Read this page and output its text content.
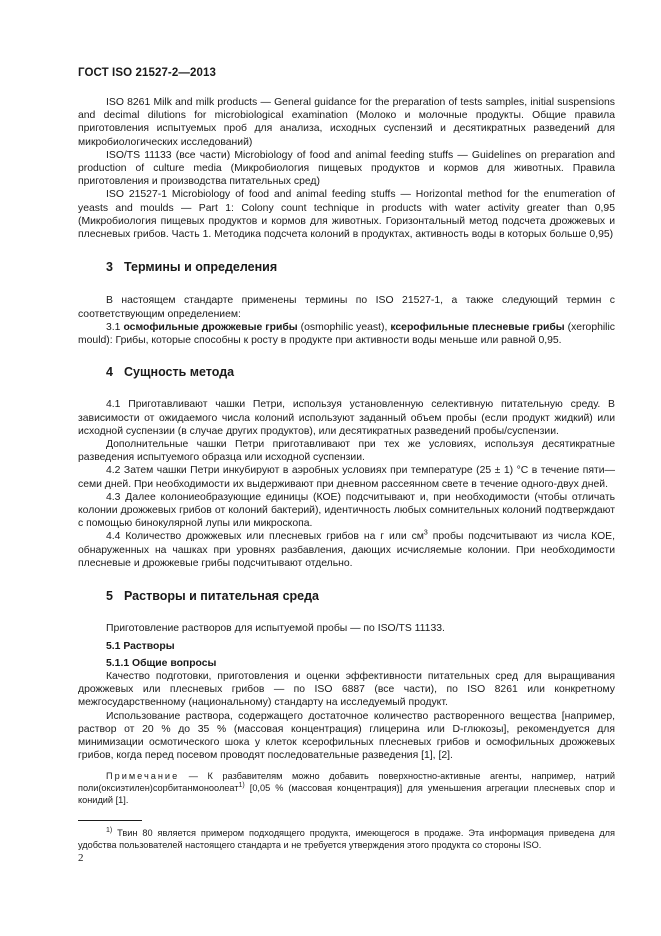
ГОСТ ISO 21527-2—2013

ISO 8261 Milk and milk products — General guidance for the preparation of tests samples, initial suspensions and decimal dilutions for microbiological examination (Молоко и молочные продукты. Общие правила приготовления испытуемых проб для анализа, исходных суспензий и десятикратных разведений для микробиологических исследований)

ISO/TS 11133 (все части) Microbiology of food and animal feeding stuffs — Guidelines on preparation and production of culture media (Микробиология пищевых продуктов и кормов для животных. Правила приготовления и производства питательных сред)

ISO 21527-1 Microbiology of food and animal feeding stuffs — Horizontal method for the enumeration of yeasts and moulds — Part 1: Colony count technique in products with water activity greater than 0,95 (Микробиология пищевых продуктов и кормов для животных. Горизонтальный метод подсчета дрожжевых и плесневых грибов. Часть 1. Методика подсчета колоний в продуктах, активность воды в которых больше 0,95)

3 Термины и определения

В настоящем стандарте применены термины по ISO 21527-1, а также следующий термин с соответствующим определением:

3.1 осмофильные дрожжевые грибы (osmophilic yeast), ксерофильные плесневые грибы (xerophilic mould): Грибы, которые способны к росту в продукте при активности воды меньше или равной 0,95.

4 Сущность метода

4.1 Приготавливают чашки Петри, используя установленную селективную питательную среду. В зависимости от ожидаемого числа колоний используют заданный объем пробы (если продукт жидкий) или исходной суспензии (в случае других продуктов), или десятикратных разведений пробы/суспензии.

Дополнительные чашки Петри приготавливают при тех же условиях, используя десятикратные разведения испытуемого образца или исходной суспензии.

4.2 Затем чашки Петри инкубируют в аэробных условиях при температуре (25 ± 1) °С в течение пяти—семи дней. При необходимости их выдерживают при дневном рассеянном свете в течение одного-двух дней.

4.3 Далее колониеобразующие единицы (КОЕ) подсчитывают и, при необходимости (чтобы отличать колонии дрожжевых грибов от колоний бактерий), идентичность любых сомнительных колоний подтверждают с помощью бинокулярной лупы или микроскопа.

4.4 Количество дрожжевых или плесневых грибов на г или $см^3$ пробы подсчитывают из числа КОЕ, обнаруженных на чашках при уровнях разбавления, дающих исчисляемые колонии. При необходимости плесневые и дрожжевые грибы подсчитывают отдельно.

5 Растворы и питательная среда

Приготовление растворов для испытуемой пробы — по ISO/TS 11133.

5.1 Растворы

5.1.1 Общие вопросы

Качество подготовки, приготовления и оценки эффективности питательных сред для выращивания дрожжевых или плесневых грибов — по ISO 6887 (все части), по ISO 8261 или конкретному межгосударственному (национальному) стандарту на исследуемый продукт.

Использование раствора, содержащего достаточное количество растворенного вещества [например, раствор от 20 % до 35 % (массовая концентрация) глицерина или D-глюкозы], рекомендуется для минимизации осмотического шока у клеток ксерофильных плесневых грибов и осмофильных дрожжевых грибов, когда перед посевом проводят последовательные разведения [1], [2].

Примечание — К разбавителям можно добавить поверхностно-активные агенты, например, натрий поли(оксиэтилен)сорбитанмоноолеат$^{1)}$ [0,05 % (массовая концентрация)] для уменьшения агрегации плесневых спор и конидий [1].

$^{1)}$ Твин 80 является примером подходящего продукта, имеющегося в продаже. Эта информация приведена для удобства пользователей настоящего стандарта и не требуется утверждения этого продукта со стороны ISO.

2
